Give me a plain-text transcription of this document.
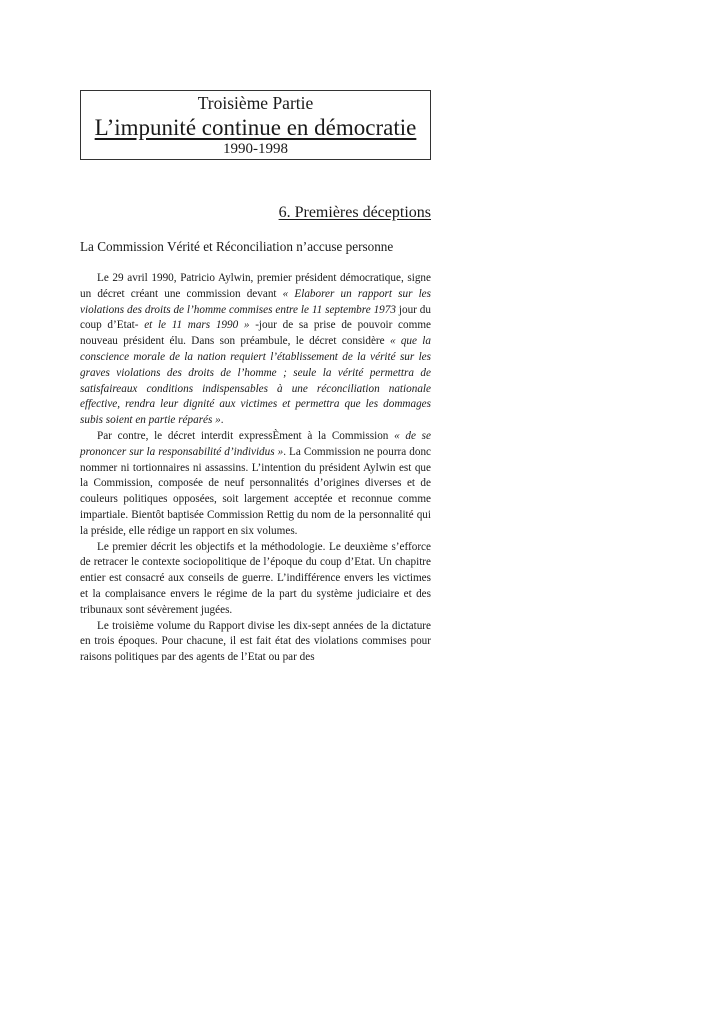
Troisième Partie
L’impunité continue en démocratie
1990-1998
6. Premières déceptions
La Commission Vérité et Réconciliation n’accuse personne

Le 29 avril 1990, Patricio Aylwin, premier président démocratique, signe un décret créant une commission devant « Elaborer un rapport sur les violations des droits de l’homme commises entre le 11 septembre 1973 jour du coup d’Etat- et le 11 mars 1990 » -jour de sa prise de pouvoir comme nouveau président élu. Dans son préambule, le décret considère « que la conscience morale de la nation requiert l’établissement de la vérité sur les graves violations des droits de l’homme ; seule la vérité permettra de satisfaireaux conditions indispensables à une réconciliation nationale effective, rendra leur dignité aux victimes et permettra que les dommages subis soient en partie réparés ».

Par contre, le décret interdit expressÈment à la Commission « de se prononcer sur la responsabilité d’individus ». La Commission ne pourra donc nommer ni tortionnaires ni assassins. L’intention du président Aylwin est que la Commission, composée de neuf personnalités d’origines diverses et de couleurs politiques opposées, soit largement acceptée et reconnue comme impartiale. Bientôt baptisée Commission Rettig du nom de la personnalité qui la préside, elle rédige un rapport en six volumes.

Le premier décrit les objectifs et la méthodologie. Le deuxième s’efforce de retracer le contexte sociopolitique de l’époque du coup d’Etat. Un chapitre entier est consacré aux conseils de guerre. L’indifférence envers les victimes et la complaisance envers le régime de la part du système judiciaire et des tribunaux sont sévèrement jugées.

Le troisième volume du Rapport divise les dix-sept années de la dictature en trois époques. Pour chacune, il est fait état des violations commises pour raisons politiques par des agents de l’Etat ou par des
